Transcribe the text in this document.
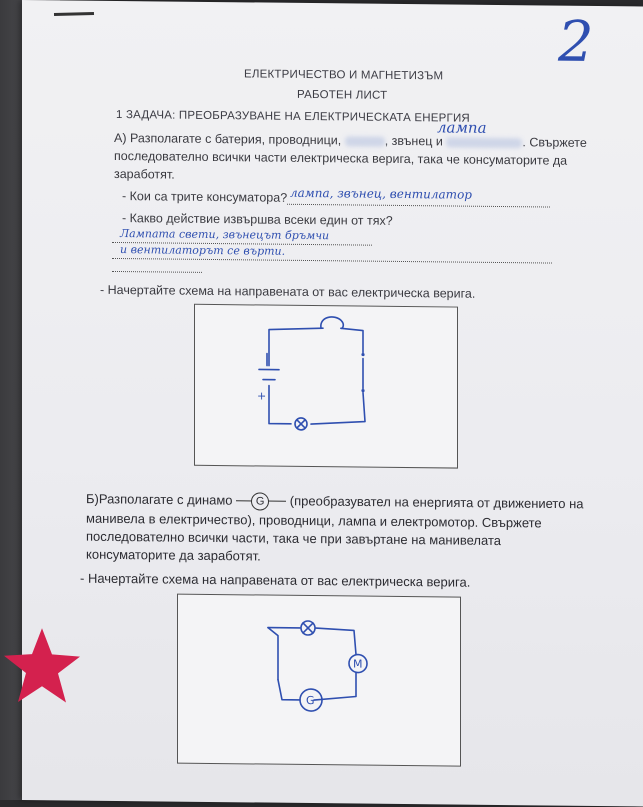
2
ЕЛЕКТРИЧЕСТВО И МАГНЕТИЗЪМ
РАБОТЕН ЛИСТ
1 ЗАДАЧА: ПРЕОБРАЗУВАНЕ НА ЕЛЕКТРИЧЕСКАТА ЕНЕРГИЯ
А) Разполагате с батерия, проводници,	, звънец и	. Свържете
лампа
последователно всички части електрическа верига, така че консуматорите да
заработят.
- Кои са трите консуматора? лампа, звънец, вентилатор
- Какво действие извършва всеки един от тях?
Лампата свети, звънецът бръмчи
и вентилаторът се върти.
- Начертайте схема на направената от вас електрическа верига.
+
Б)Разполагате с динамо	G	(преобразувател на енергията от движението на
манивела в електричество), проводници, лампа и електромотор. Свържете
последователно всички части, така че при завъртане на манивелата
консуматорите да заработят.
- Начертайте схема на направената от вас електрическа верига.
M
G
